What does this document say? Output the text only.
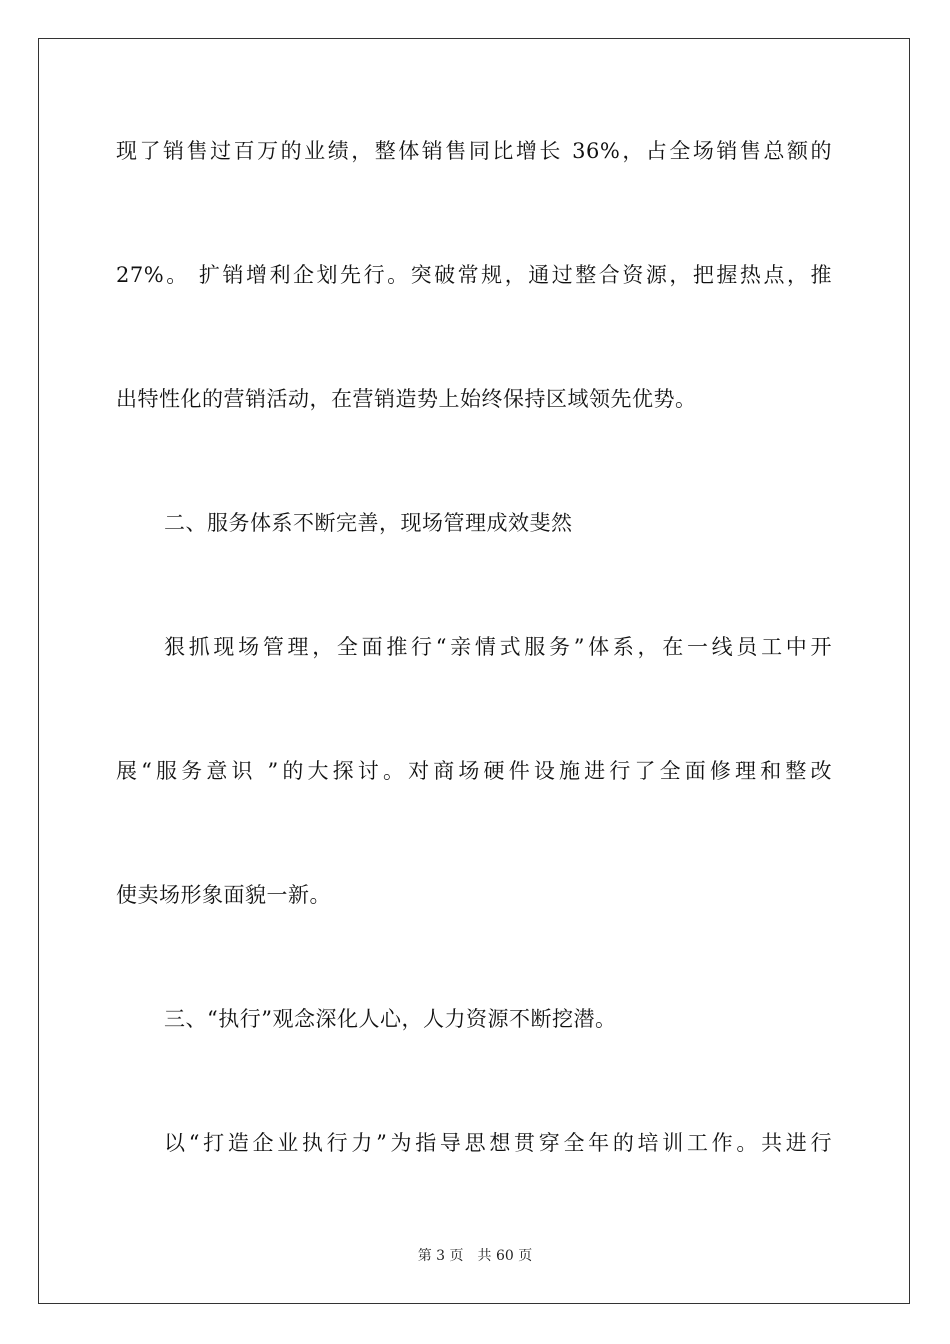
现了销售过百万的业绩，整体销售同比增长 36%，占全场销售总额的
27%。 扩销增利企划先行。突破常规，通过整合资源，把握热点，推
出特性化的营销活动，在营销造势上始终保持区域领先优势。
二、服务体系不断完善，现场管理成效斐然
狠抓现场管理，全面推行“亲情式服务”体系，在一线员工中开
展“服务意识 ”的大探讨。对商场硬件设施进行了全面修理和整改
使卖场形象面貌一新。
三、“执行”观念深化人心，人力资源不断挖潜。
以“打造企业执行力”为指导思想贯穿全年的培训工作。共进行
第 3 页 共 60 页
